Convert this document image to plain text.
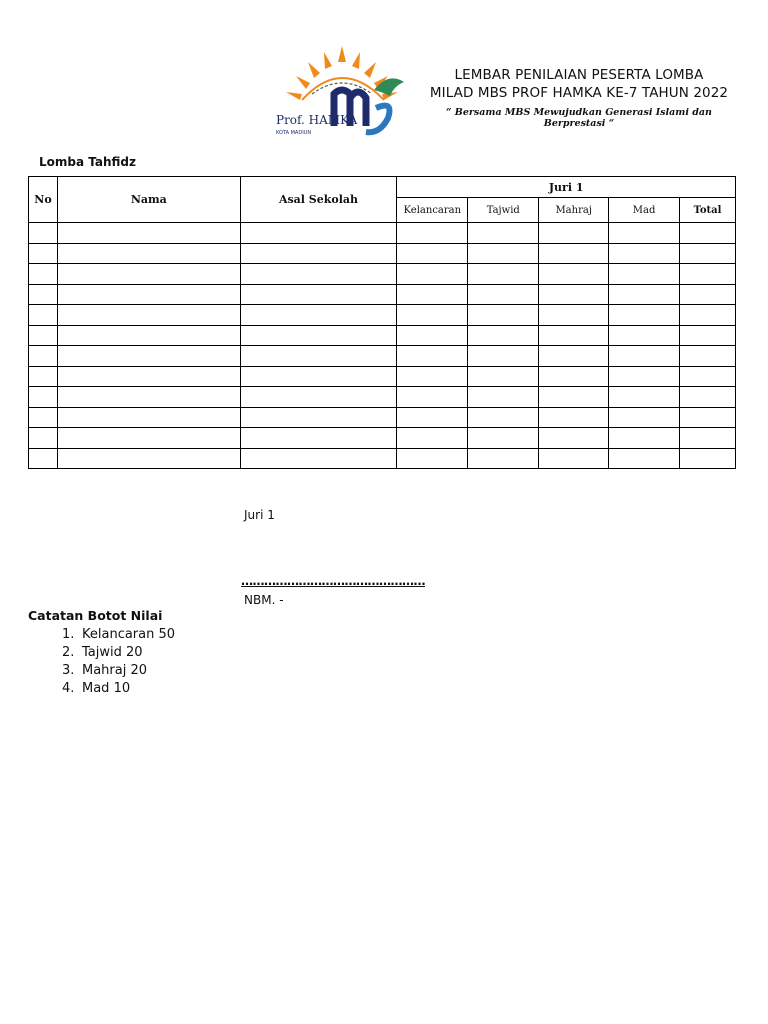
Prof. HAMKA
KOTA MADIUN
LEMBAR PENILAIAN PESERTA LOMBA
MILAD MBS PROF HAMKA KE-7 TAHUN 2022
“ Bersama MBS Mewujudkan Generasi Islami dan Berprestasi “
Lomba Tahfidz
No	Nama	Asal Sekolah	Juri 1				
			Kelancaran	Tajwid	Mahraj	Mad	Total

Juri 1
…………………………………………
NBM. -
Catatan Botot Nilai
1. Kelancaran 50
2. Tajwid 20
3. Mahraj 20
4. Mad 10
